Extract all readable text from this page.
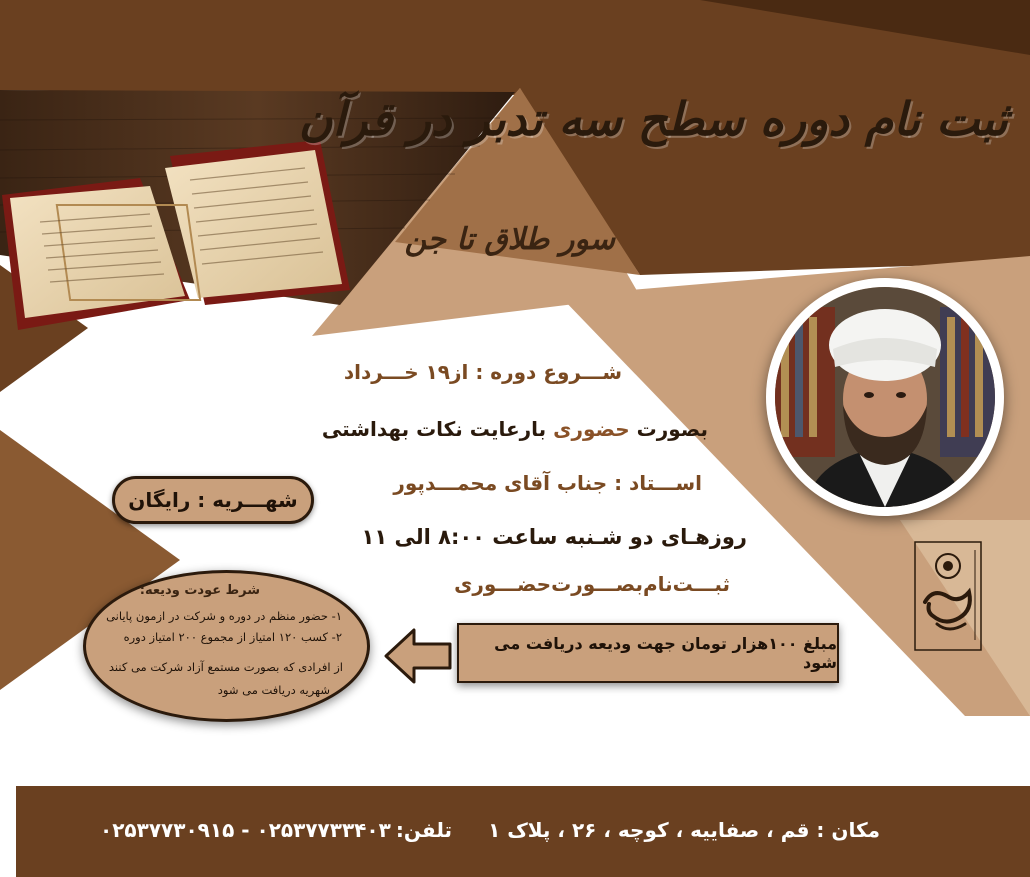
ثبت نام دوره سطح سه تدبر در قرآن
سور طلاق تا جن
شـــروع دوره : از۱۹ خـــرداد
بصورت حضوری بارعایت نکات بهداشتی
اســـتاد : جناب آقای محمـــدپور
روزهـای دو شـنبه ساعت ۸:۰۰ الی ۱۱
ثبـــت‌نام‌بصـــورت‌حضـــوری
شهـــریه : رایگان
شرط عودت ودیعه:
۱- حضور منظم در دوره و شرکت در ازمون پایانی
۲- کسب ۱۲۰ امتیاز از مجموع ۲۰۰ امتیاز دوره
از افرادی که بصورت مستمع آزاد شرکت می کنند
شهریه دریافت می شود
مبلغ ۱۰۰هزار تومان جهت ودیعه دریافت می شود
مکان : قم ، صفاییه ، کوچه ، ۲۶ ، پلاک ۱
تلفن:
۰۲۵۳۷۷۳۰۹۱۵ - ۰۲۵۳۷۷۳۳۴۰۳
